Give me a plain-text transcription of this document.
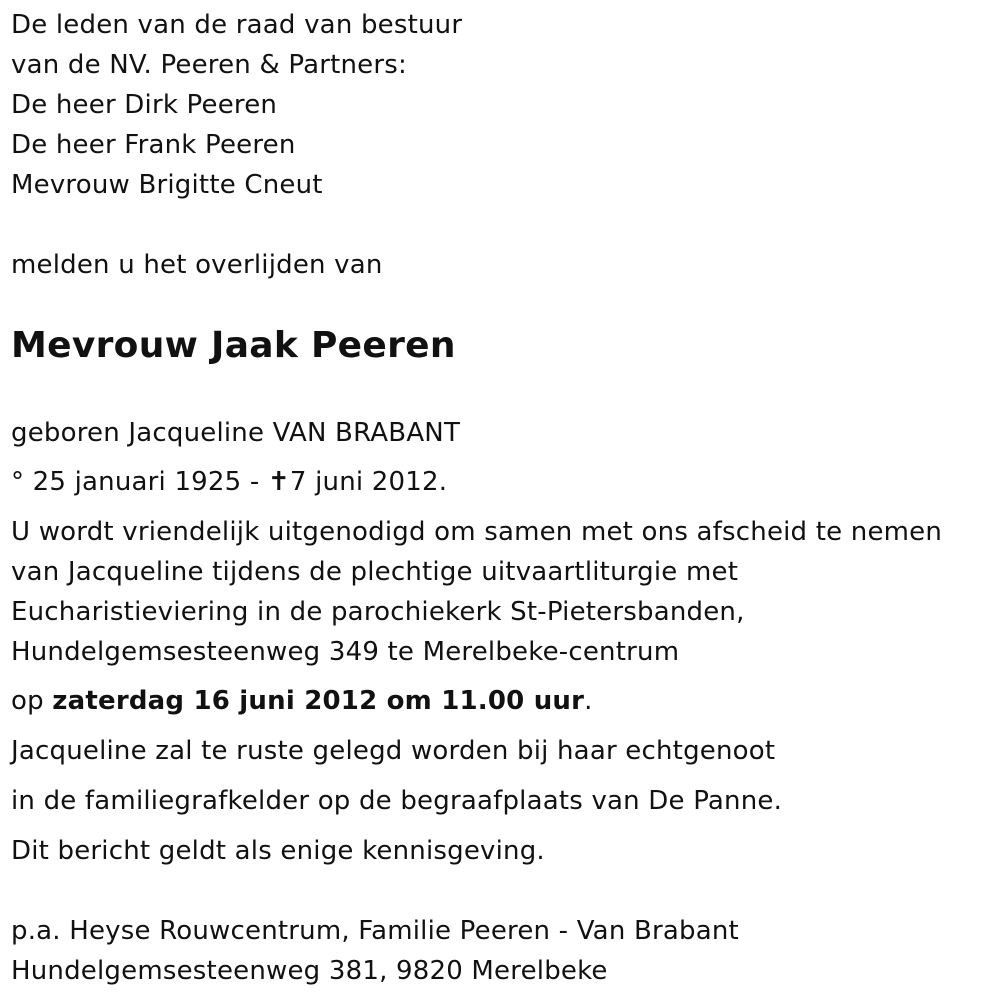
De leden van de raad van bestuur
van de NV. Peeren & Partners:
De heer Dirk Peeren
De heer Frank Peeren
Mevrouw Brigitte Cneut
melden u het overlijden van
Mevrouw Jaak Peeren
geboren Jacqueline VAN BRABANT
° 25 januari 1925 - ✝7 juni 2012.
U wordt vriendelijk uitgenodigd om samen met ons afscheid te nemen
van Jacqueline tijdens de plechtige uitvaartliturgie met
Eucharistieviering in de parochiekerk St-Pietersbanden,
Hundelgemsesteenweg 349 te Merelbeke-centrum
op zaterdag 16 juni 2012 om 11.00 uur.
Jacqueline zal te ruste gelegd worden bij haar echtgenoot
in de familiegrafkelder op de begraafplaats van De Panne.
Dit bericht geldt als enige kennisgeving.
p.a. Heyse Rouwcentrum, Familie Peeren - Van Brabant
Hundelgemsesteenweg 381, 9820 Merelbeke
